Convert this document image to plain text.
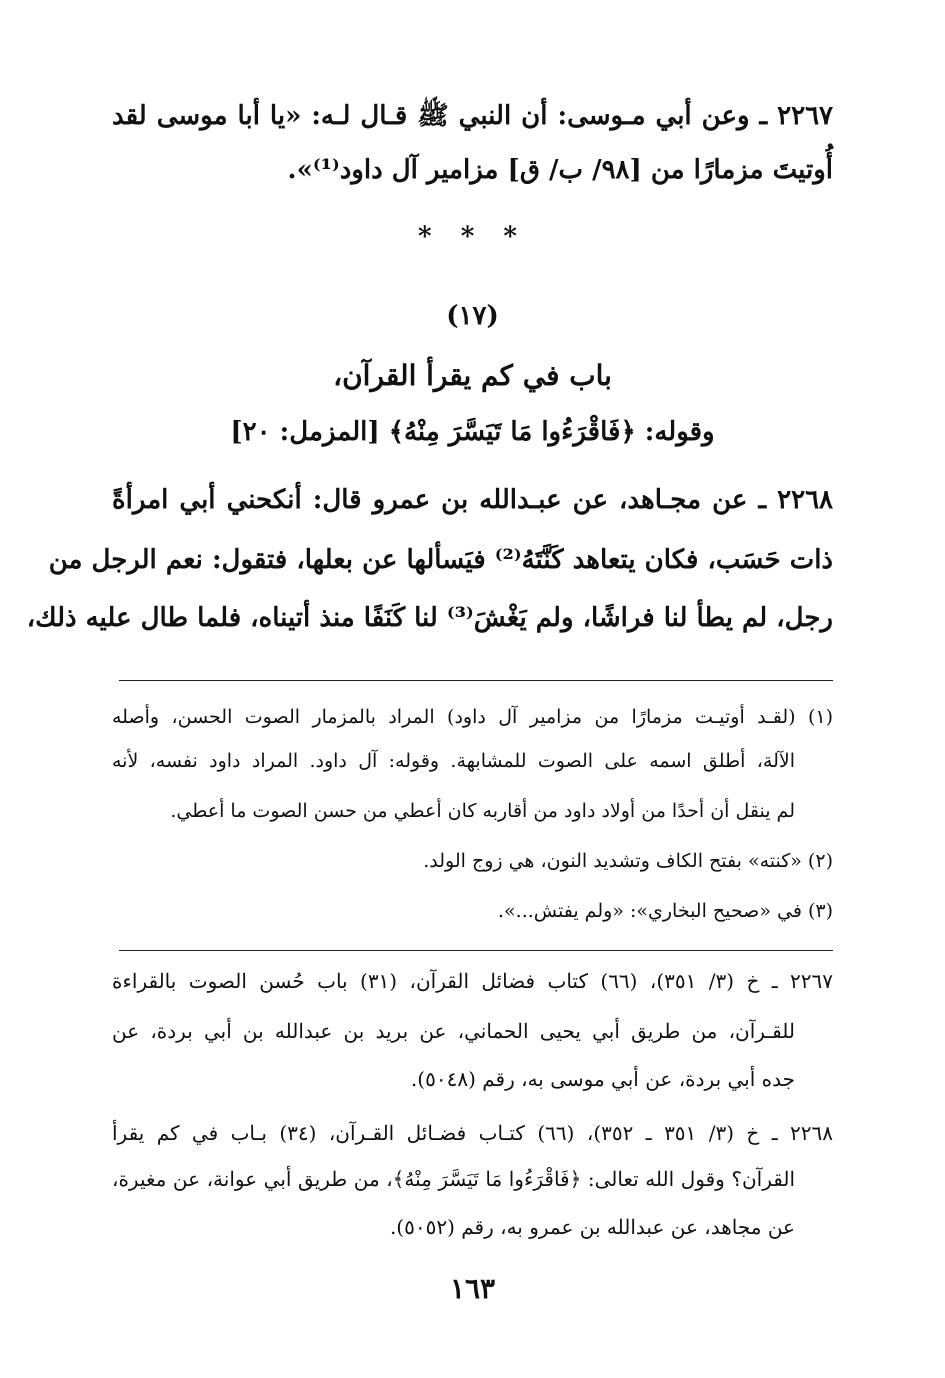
٢٢٦٧ ـ وعن أبي مـوسى: أن النبي ﷺ قـال لـه: «يا أبا موسى لقد
أُوتيتَ مزمارًا من [٩٨/ ب/ ق] مزامير آل داود⁽¹⁾».
* * *
(١٧)
باب في كم يقرأ القرآن،
وقوله: ﴿فَاقْرَءُوا مَا تَيَسَّرَ مِنْهُ﴾ [المزمل: ٢٠]
٢٢٦٨ ـ عن مجـاهد، عن عبـدالله بن عمرو قال: أنكحني أبي امرأةً
ذات حَسَب، فكان يتعاهد كَنَّتَهُ⁽²⁾ فيَسألها عن بعلها، فتقول: نعم الرجل من
رجل، لم يطأ لنا فراشًا، ولم يَغْشَ⁽³⁾ لنا كَنَفًا منذ أتيناه، فلما طال عليه ذلك،
(١) (لقـد أوتيـت مزمارًا من مزامير آل داود) المراد بالمزمار الصوت الحسن، وأصله
الآلة، أطلق اسمه على الصوت للمشابهة. وقوله: آل داود. المراد داود نفسه، لأنه
لم ينقل أن أحدًا من أولاد داود من أقاربه كان أعطي من حسن الصوت ما أعطي.
(٢) «كنته» بفتح الكاف وتشديد النون، هي زوج الولد.
(٣) في «صحيح البخاري»: «ولم يفتش...».
٢٢٦٧ ـ خ (٣/ ٣٥١)، (٦٦) كتاب فضائل القرآن، (٣١) باب حُسن الصوت بالقراءة
للقـرآن، من طريق أبي يحيى الحماني، عن بريد بن عبدالله بن أبي بردة، عن
جده أبي بردة، عن أبي موسى به، رقم (٥٠٤٨).
٢٢٦٨ ـ خ (٣/ ٣٥١ ـ ٣٥٢)، (٦٦) كتـاب فضـائل القـرآن، (٣٤) بـاب في كم يقرأ
القرآن؟ وقول الله تعالى: ﴿فَاقْرَءُوا مَا تَيَسَّرَ مِنْهُ﴾، من طريق أبي عوانة، عن مغيرة،
عن مجاهد، عن عبدالله بن عمرو به، رقم (٥٠٥٢).
١٦٣
